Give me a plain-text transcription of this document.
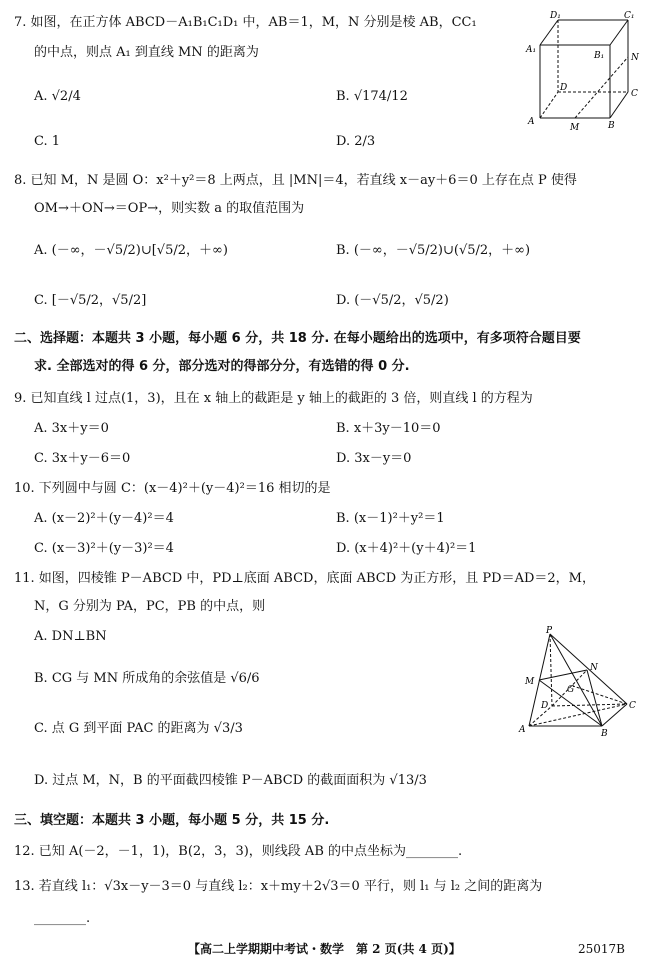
7. 如图，在正方体 ABCD－A₁B₁C₁D₁ 中，AB＝1，M，N 分别是棱 AB，CC₁
的中点，则点 A₁ 到直线 MN 的距离为
A. √2/4	B. √174/12
C. 1	D. 2/3
D₁	C₁
A₁
B₁	N
D
C
A
M	B
8. 已知 M，N 是圆 O：x²＋y²＝8 上两点，且 |MN|＝4，若直线 x－ay＋6＝0 上存在点 P 使得
OM→＋ON→＝OP→，则实数 a 的取值范围为
A. (－∞，－√5/2)∪[√5/2，＋∞)	B. (－∞，－√5/2)∪(√5/2，＋∞)
C. [－√5/2，√5/2]	D. (－√5/2，√5/2)
二、选择题：本题共 3 小题，每小题 6 分，共 18 分. 在每小题给出的选项中，有多项符合题目要
求. 全部选对的得 6 分，部分选对的得部分分，有选错的得 0 分.
9. 已知直线 l 过点(1，3)，且在 x 轴上的截距是 y 轴上的截距的 3 倍，则直线 l 的方程为
A. 3x＋y＝0	B. x＋3y－10＝0
C. 3x＋y－6＝0	D. 3x－y＝0
10. 下列圆中与圆 C：(x－4)²＋(y－4)²＝16 相切的是
A. (x－2)²＋(y－4)²＝4	B. (x－1)²＋y²＝1
C. (x－3)²＋(y－3)²＝4	D. (x＋4)²＋(y＋4)²＝1
11. 如图，四棱锥 P－ABCD 中，PD⊥底面 ABCD，底面 ABCD 为正方形，且 PD＝AD＝2，M，
N，G 分别为 PA，PC，PB 的中点，则
A. DN⊥BN
B. CG 与 MN 所成角的余弦值是 √6/6
C. 点 G 到平面 PAC 的距离为 √3/3
D. 过点 M，N，B 的平面截四棱锥 P－ABCD 的截面面积为 √13/3
P
N
M
G
D	C
A	B
三、填空题：本题共 3 小题，每小题 5 分，共 15 分.
12. 已知 A(－2，－1，1)，B(2，3，3)，则线段 AB 的中点坐标为________.
13. 若直线 l₁：√3x－y－3＝0 与直线 l₂：x＋my＋2√3＝0 平行，则 l₁ 与 l₂ 之间的距离为
________.
【高二上学期期中考试・数学　第 2 页(共 4 页)】	25017B
